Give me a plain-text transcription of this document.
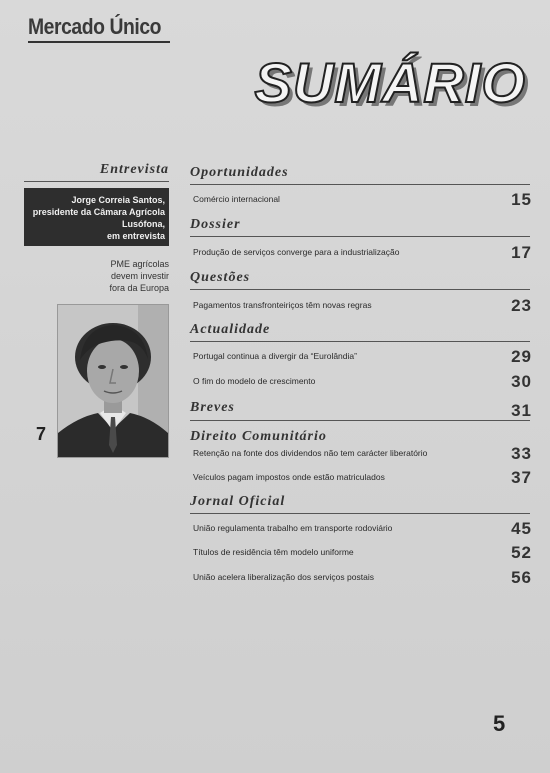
Mercado Único
SUMÁRIO
Entrevista
Jorge Correia Santos,
presidente da Câmara Agrícola
Lusófona,
em entrevista
PME agrícolas
devem investir
fora da Europa
7
Oportunidades
Comércio internacional	15
Dossier
Produção de serviços converge para a industrialização	17
Questões
Pagamentos transfronteiriços têm novas regras	23
Actualidade
Portugal continua a divergir da “Eurolândia”	29
O fim do modelo de crescimento	30
Breves	31
Direito Comunitário
Retenção na fonte dos dividendos não tem carácter liberatório	33
Veículos pagam impostos onde estão matriculados	37
Jornal Oficial
União regulamenta trabalho em transporte rodoviário	45
Títulos de residência têm modelo uniforme	52
União acelera liberalização dos serviços postais	56
5
